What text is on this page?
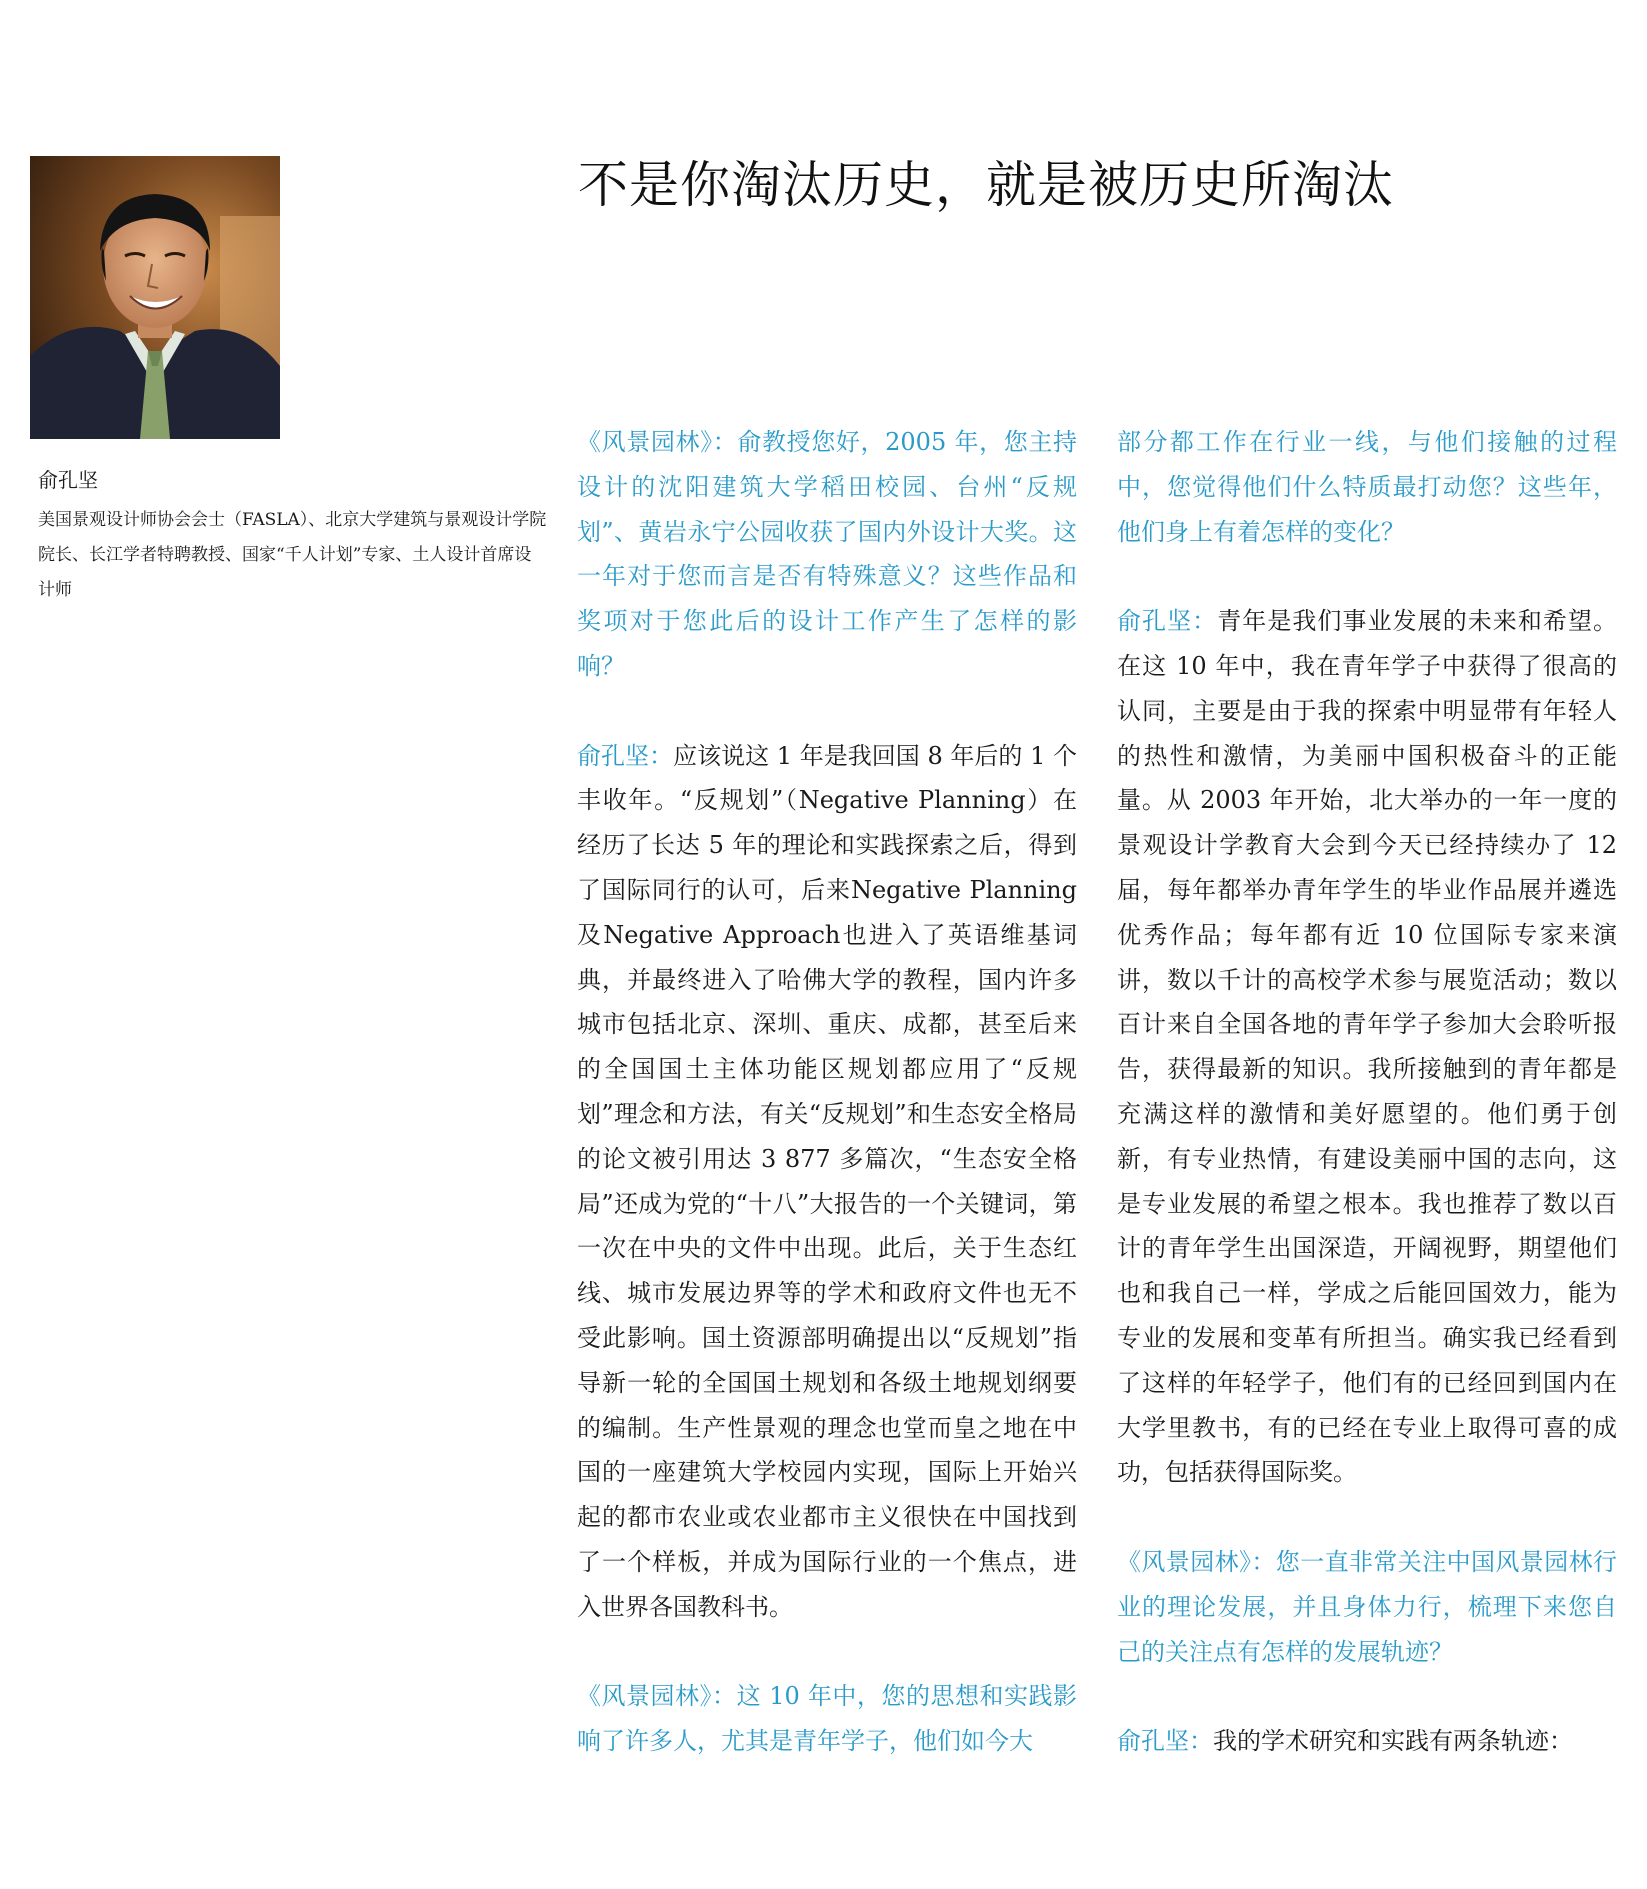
俞孔坚

美国景观设计师协会会士（FASLA）、北京大学建筑与景观设计学院院长、长江学者特聘教授、国家“千人计划”专家、土人设计首席设计师

不是你淘汰历史，就是被历史所淘汰

《风景园林》：俞教授您好，2005 年，您主持设计的沈阳建筑大学稻田校园、台州“反规划”、黄岩永宁公园收获了国内外设计大奖。这一年对于您而言是否有特殊意义？这些作品和奖项对于您此后的设计工作产生了怎样的影响？

俞孔坚：应该说这 1 年是我回国 8 年后的 1 个丰收年。“反规划”（Negative Planning）在经历了长达 5 年的理论和实践探索之后，得到了国际同行的认可，后来Negative Planning及Negative Approach也进入了英语维基词典，并最终进入了哈佛大学的教程，国内许多城市包括北京、深圳、重庆、成都，甚至后来的全国国土主体功能区规划都应用了“反规划”理念和方法，有关“反规划”和生态安全格局的论文被引用达 3 877 多篇次，“生态安全格局”还成为党的“十八”大报告的一个关键词，第一次在中央的文件中出现。此后，关于生态红线、城市发展边界等的学术和政府文件也无不受此影响。国土资源部明确提出以“反规划”指导新一轮的全国国土规划和各级土地规划纲要的编制。生产性景观的理念也堂而皇之地在中国的一座建筑大学校园内实现，国际上开始兴起的都市农业或农业都市主义很快在中国找到了一个样板，并成为国际行业的一个焦点，进入世界各国教科书。

《风景园林》：这 10 年中，您的思想和实践影响了许多人，尤其是青年学子，他们如今大

部分都工作在行业一线，与他们接触的过程中，您觉得他们什么特质最打动您？这些年，他们身上有着怎样的变化？

俞孔坚：青年是我们事业发展的未来和希望。在这 10 年中，我在青年学子中获得了很高的认同，主要是由于我的探索中明显带有年轻人的热性和激情，为美丽中国积极奋斗的正能量。从 2003 年开始，北大举办的一年一度的景观设计学教育大会到今天已经持续办了 12 届，每年都举办青年学生的毕业作品展并遴选优秀作品；每年都有近 10 位国际专家来演讲，数以千计的高校学术参与展览活动；数以百计来自全国各地的青年学子参加大会聆听报告，获得最新的知识。我所接触到的青年都是充满这样的激情和美好愿望的。他们勇于创新，有专业热情，有建设美丽中国的志向，这是专业发展的希望之根本。我也推荐了数以百计的青年学生出国深造，开阔视野，期望他们也和我自己一样，学成之后能回国效力，能为专业的发展和变革有所担当。确实我已经看到了这样的年轻学子，他们有的已经回到国内在大学里教书，有的已经在专业上取得可喜的成功，包括获得国际奖。

《风景园林》：您一直非常关注中国风景园林行业的理论发展，并且身体力行，梳理下来您自己的关注点有怎样的发展轨迹？

俞孔坚：我的学术研究和实践有两条轨迹：
